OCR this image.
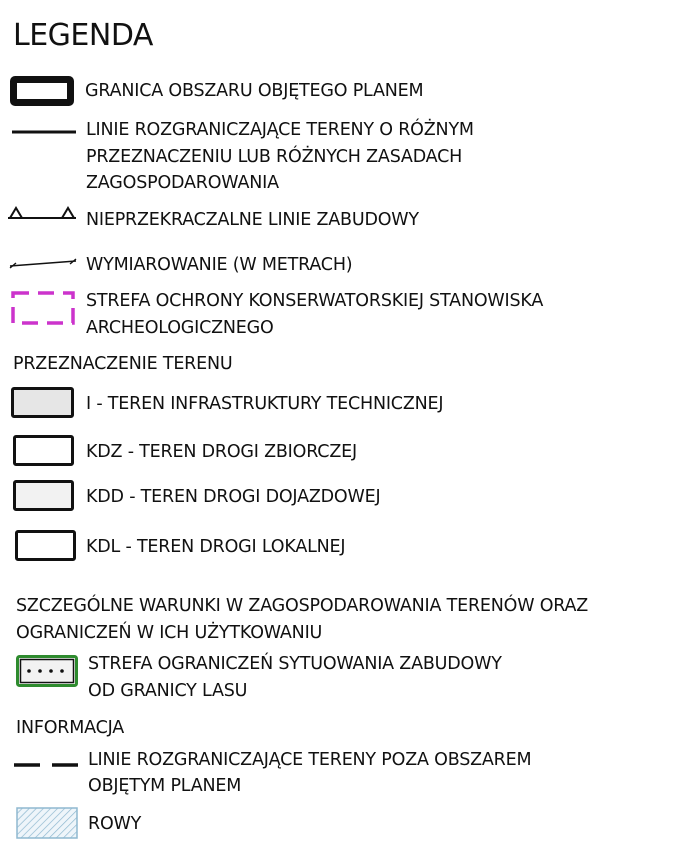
LEGENDA
GRANICA OBSZARU OBJĘTEGO PLANEM
LINIE ROZGRANICZAJĄCE TERENY O RÓŻNYM
PRZEZNACZENIU LUB RÓŻNYCH ZASADACH
ZAGOSPODAROWANIA
NIEPRZEKRACZALNE LINIE ZABUDOWY
WYMIAROWANIE (W METRACH)
STREFA OCHRONY KONSERWATORSKIEJ STANOWISKA
ARCHEOLOGICZNEGO
PRZEZNACZENIE TERENU
I - TEREN INFRASTRUKTURY TECHNICZNEJ
KDZ - TEREN DROGI ZBIORCZEJ
KDD - TEREN DROGI DOJAZDOWEJ
KDL - TEREN DROGI LOKALNEJ
SZCZEGÓLNE WARUNKI W ZAGOSPODAROWANIA TERENÓW ORAZ
OGRANICZEŃ W ICH UŻYTKOWANIU
STREFA OGRANICZEŃ SYTUOWANIA ZABUDOWY
OD GRANICY LASU
INFORMACJA
LINIE ROZGRANICZAJĄCE TERENY POZA OBSZAREM
OBJĘTYM PLANEM
ROWY
